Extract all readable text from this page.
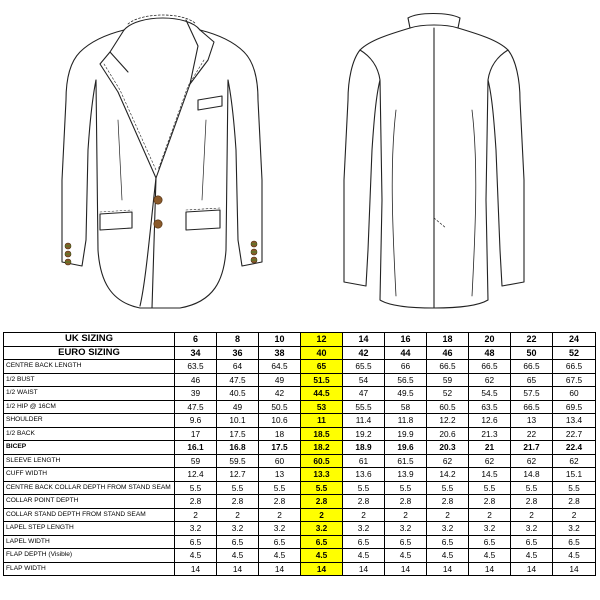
UK SIZING	6	8	10	12	14	16	18	20	22	24
EURO SIZING	34	36	38	40	42	44	46	48	50	52
CENTRE BACK LENGTH	63.5	64	64.5	65	65.5	66	66.5	66.5	66.5	66.5
1/2 BUST	46	47.5	49	51.5	54	56.5	59	62	65	67.5
1/2 WAIST	39	40.5	42	44.5	47	49.5	52	54.5	57.5	60
1/2 HIP @ 16CM	47.5	49	50.5	53	55.5	58	60.5	63.5	66.5	69.5
SHOULDER	9.6	10.1	10.6	11	11.4	11.8	12.2	12.6	13	13.4
1/2 BACK	17	17.5	18	18.5	19.2	19.9	20.6	21.3	22	22.7
BICEP	16.1	16.8	17.5	18.2	18.9	19.6	20.3	21	21.7	22.4
SLEEVE LENGTH	59	59.5	60	60.5	61	61.5	62	62	62	62
CUFF WIDTH	12.4	12.7	13	13.3	13.6	13.9	14.2	14.5	14.8	15.1
CENTRE BACK COLLAR DEPTH FROM STAND SEAM	5.5	5.5	5.5	5.5	5.5	5.5	5.5	5.5	5.5	5.5
COLLAR POINT DEPTH	2.8	2.8	2.8	2.8	2.8	2.8	2.8	2.8	2.8	2.8
COLLAR STAND DEPTH FROM STAND SEAM	2	2	2	2	2	2	2	2	2	2
LAPEL STEP LENGTH	3.2	3.2	3.2	3.2	3.2	3.2	3.2	3.2	3.2	3.2
LAPEL WIDTH	6.5	6.5	6.5	6.5	6.5	6.5	6.5	6.5	6.5	6.5
FLAP DEPTH (Visible)	4.5	4.5	4.5	4.5	4.5	4.5	4.5	4.5	4.5	4.5
FLAP WIDTH	14	14	14	14	14	14	14	14	14	14
